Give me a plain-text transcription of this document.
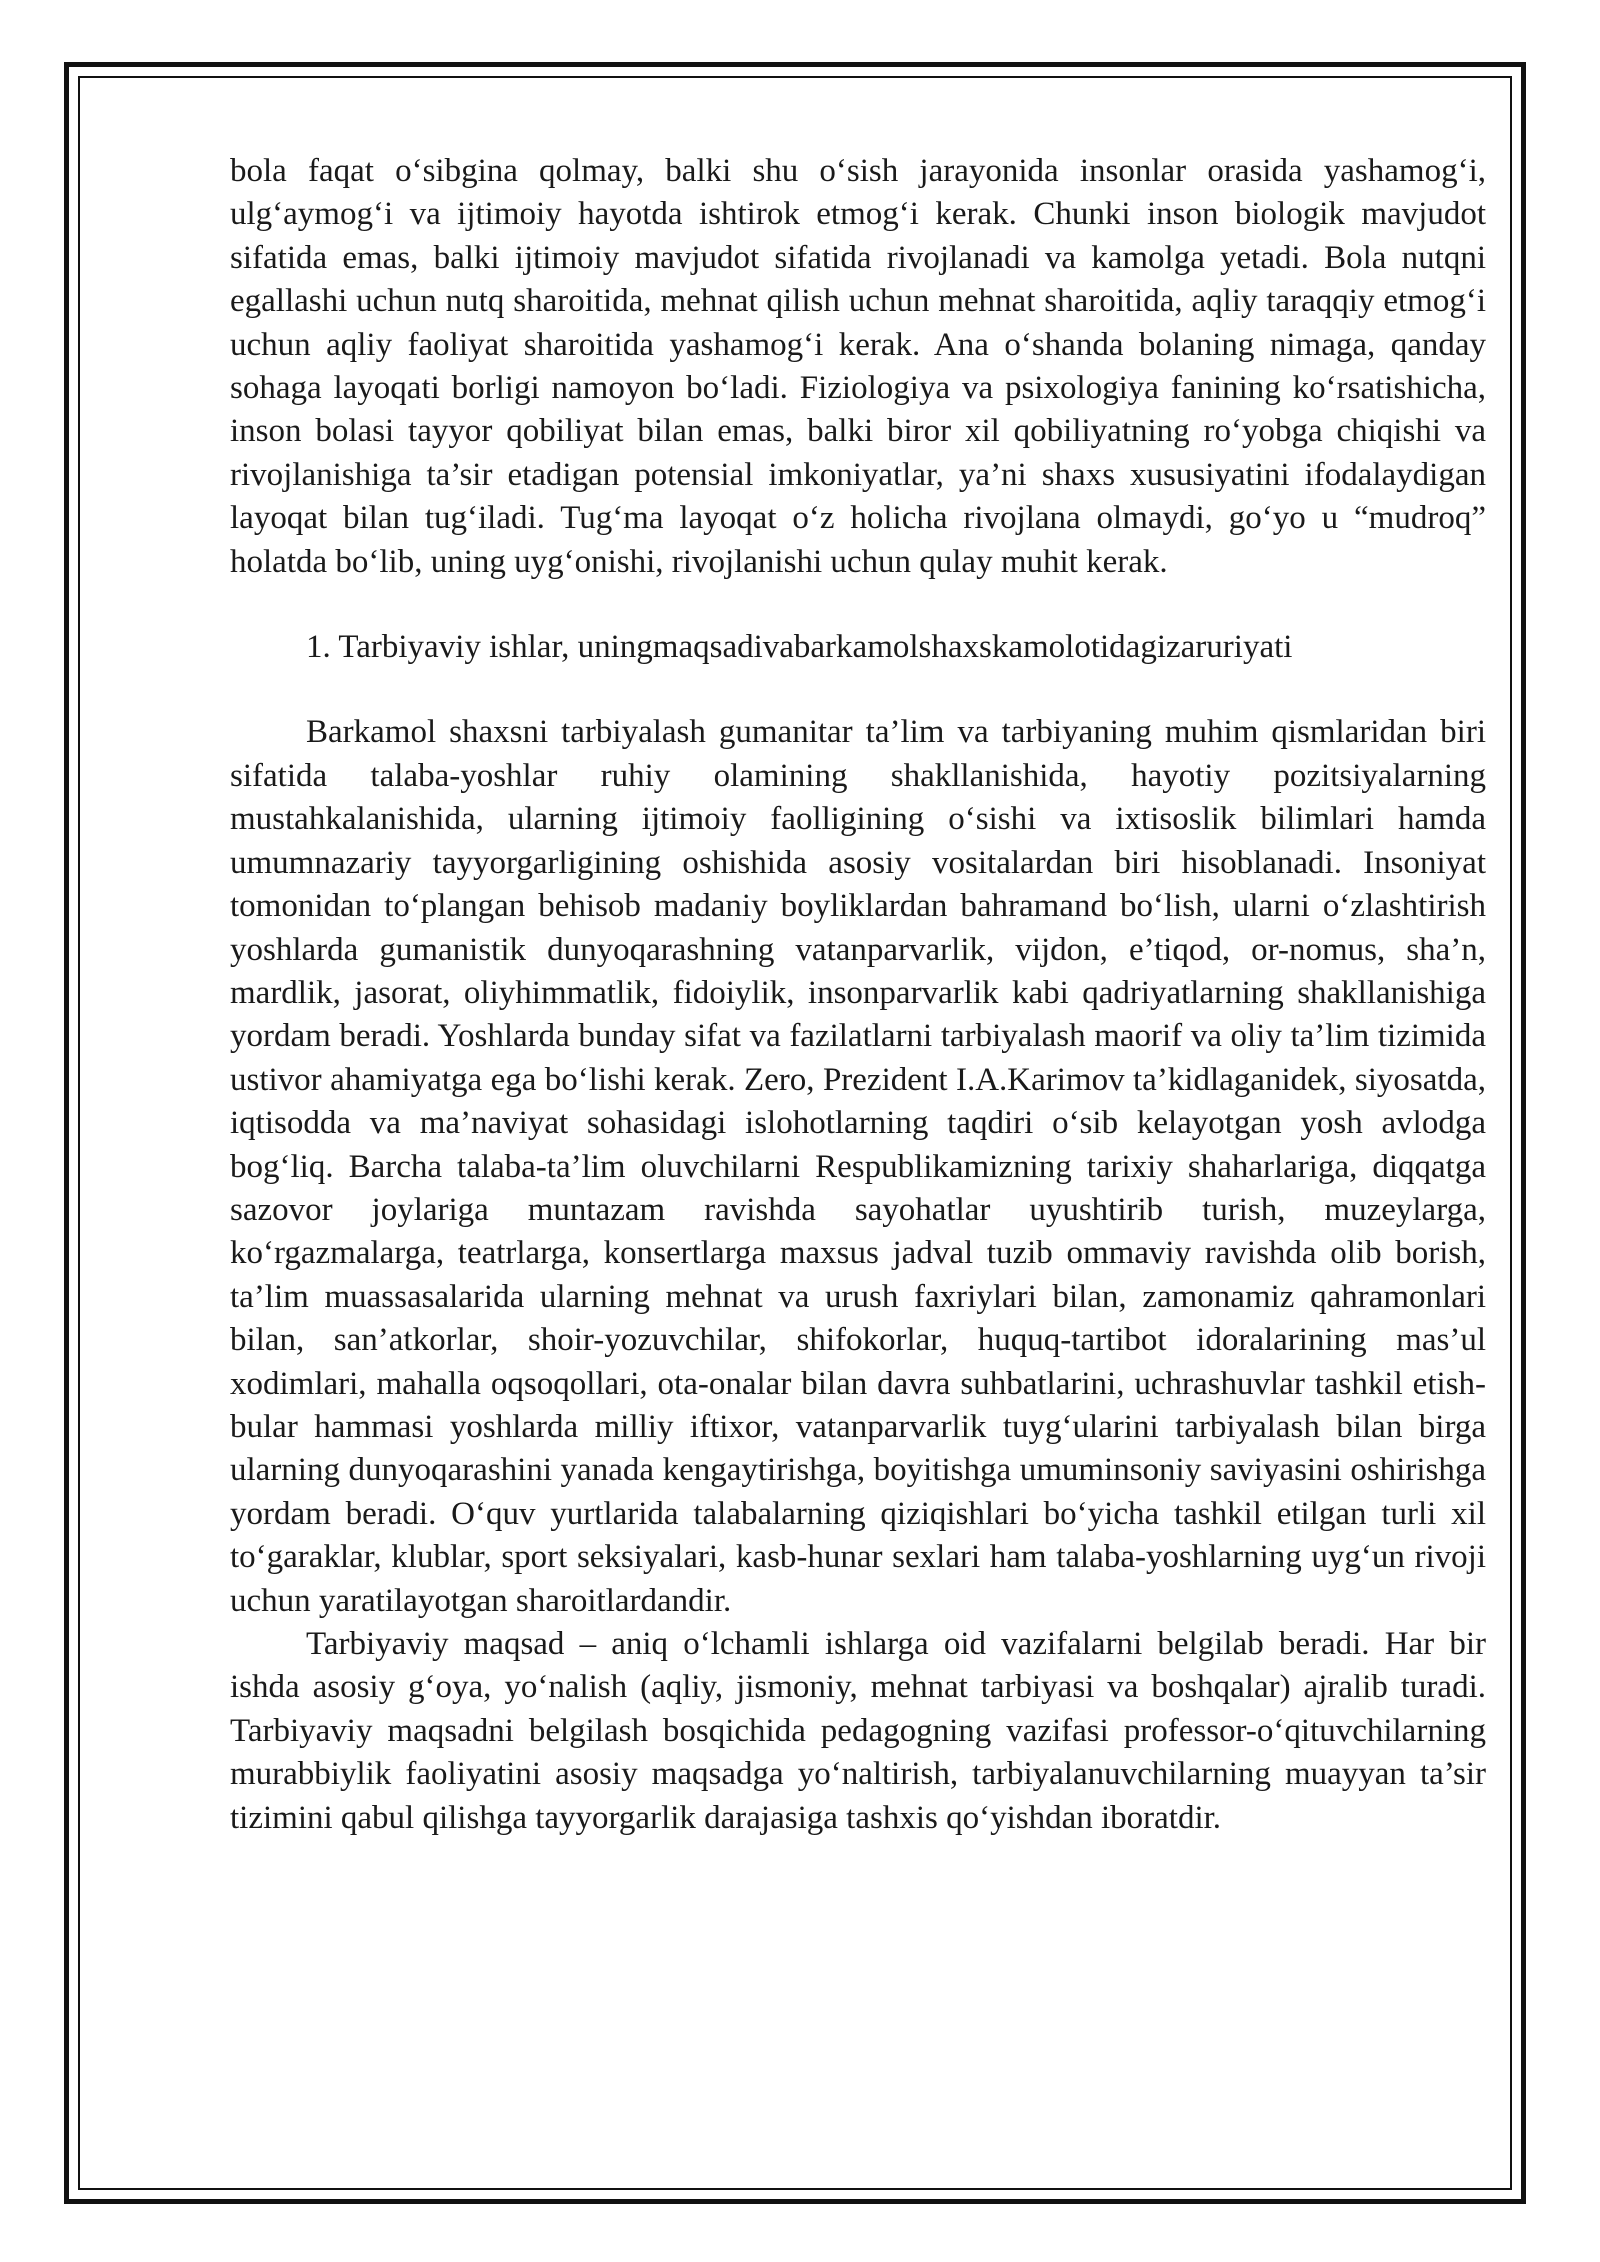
bola faqat o‘sibgina qolmay, balki shu o‘sish jarayonida insonlar orasida yashamog‘i, ulg‘aymog‘i va ijtimoiy hayotda ishtirok etmog‘i kerak. Chunki inson biologik mavjudot sifatida emas, balki ijtimoiy mavjudot sifatida rivojlanadi va kamolga yetadi. Bola nutqni egallashi uchun nutq sharoitida, mehnat qilish uchun mehnat sharoitida, aqliy taraqqiy etmog‘i uchun aqliy faoliyat sharoitida yashamog‘i kerak. Ana o‘shanda bolaning nimaga, qanday sohaga layoqati borligi namoyon bo‘ladi. Fiziologiya va psixologiya fanining ko‘rsatishicha, inson bolasi tayyor qobiliyat bilan emas, balki biror xil qobiliyatning ro‘yobga chiqishi va rivojlanishiga ta’sir etadigan potensial imkoniyatlar, ya’ni shaxs xususiyatini ifodalaydigan layoqat bilan tug‘iladi. Tug‘ma layoqat o‘z holicha rivojlana olmaydi, go‘yo u “mudroq” holatda bo‘lib, uning uyg‘onishi, rivojlanishi uchun qulay muhit kerak.

1. Tarbiyaviy ishlar, uningmaqsadivabarkamolshaxskamolotidagizaruriyati

Barkamol shaxsni tarbiyalash gumanitar ta’lim va tarbiyaning muhim qismlaridan biri sifatida talaba-yoshlar ruhiy olamining shakllanishida, hayotiy pozitsiyalarning mustahkalanishida, ularning ijtimoiy faolligining o‘sishi va ixtisoslik bilimlari hamda umumnazariy tayyorgarligining oshishida asosiy vositalardan biri hisoblanadi. Insoniyat tomonidan to‘plangan behisob madaniy boyliklardan bahramand bo‘lish, ularni o‘zlashtirish yoshlarda gumanistik dunyoqarashning vatanparvarlik, vijdon, e’tiqod, or-nomus, sha’n, mardlik, jasorat, oliyhimmatlik, fidoiylik, insonparvarlik kabi qadriyatlarning shakllanishiga yordam beradi. Yoshlarda bunday sifat va fazilatlarni tarbiyalash maorif va oliy ta’lim tizimida ustivor ahamiyatga ega bo‘lishi kerak. Zero, Prezident I.A.Karimov ta’kidlaganidek, siyosatda, iqtisodda va ma’naviyat sohasidagi islohotlarning taqdiri o‘sib kelayotgan yosh avlodga bog‘liq. Barcha talaba-ta’lim oluvchilarni Respublikamizning tarixiy shaharlariga, diqqatga sazovor joylariga muntazam ravishda sayohatlar uyushtirib turish, muzeylarga, ko‘rgazmalarga, teatrlarga, konsertlarga maxsus jadval tuzib ommaviy ravishda olib borish, ta’lim muassasalarida ularning mehnat va urush faxriylari bilan, zamonamiz qahramonlari bilan, san’atkorlar, shoir-yozuvchilar, shifokorlar, huquq-tartibot idoralarining mas’ul xodimlari, mahalla oqsoqollari, ota-onalar bilan davra suhbatlarini, uchrashuvlar tashkil etish-bular hammasi yoshlarda milliy iftixor, vatanparvarlik tuyg‘ularini tarbiyalash bilan birga ularning dunyoqarashini yanada kengaytirishga, boyitishga umuminsoniy saviyasini oshirishga yordam beradi. O‘quv yurtlarida talabalarning qiziqishlari bo‘yicha tashkil etilgan turli xil to‘garaklar, klublar, sport seksiyalari, kasb-hunar sexlari ham talaba-yoshlarning uyg‘un rivoji uchun yaratilayotgan sharoitlardandir.

Tarbiyaviy maqsad – aniq o‘lchamli ishlarga oid vazifalarni belgilab beradi. Har bir ishda asosiy g‘oya, yo‘nalish (aqliy, jismoniy, mehnat tarbiyasi va boshqalar) ajralib turadi. Tarbiyaviy maqsadni belgilash bosqichida pedagogning vazifasi professor-o‘qituvchilarning murabbiylik faoliyatini asosiy maqsadga yo‘naltirish, tarbiyalanuvchilarning muayyan ta’sir tizimini qabul qilishga tayyorgarlik darajasiga tashxis qo‘yishdan iboratdir.
